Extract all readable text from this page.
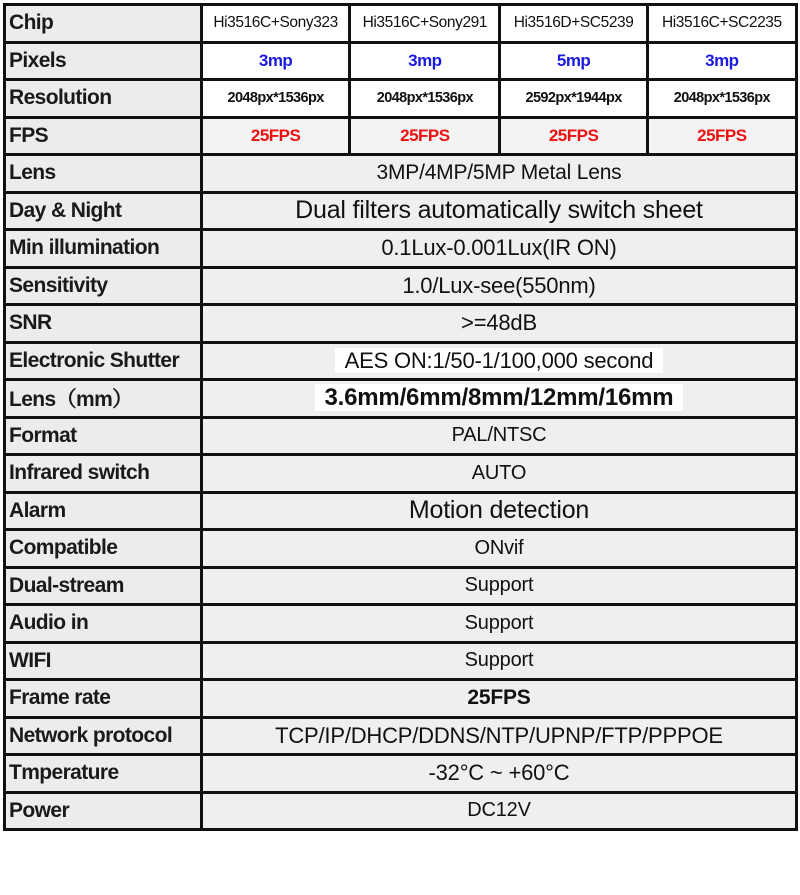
Chip	Hi3516C+Sony323	Hi3516C+Sony291	Hi3516D+SC5239	Hi3516C+SC2235
Pixels	3mp	3mp	5mp	3mp
Resolution	2048px*1536px	2048px*1536px	2592px*1944px	2048px*1536px
FPS	25FPS	25FPS	25FPS	25FPS
Lens	3MP/4MP/5MP Metal Lens			
Day & Night	Dual filters automatically switch sheet			
Min illumination	0.1Lux-0.001Lux(IR ON)			
Sensitivity	1.0/Lux-see(550nm)			
SNR	>=48dB			
Electronic Shutter	AES ON:1/50-1/100,000 second			
Lens（mm）	3.6mm/6mm/8mm/12mm/16mm			
Format	PAL/NTSC			
Infrared switch	AUTO			
Alarm	Motion detection			
Compatible	ONvif			
Dual-stream	Support			
Audio in	Support			
WIFI	Support			
Frame rate	25FPS			
Network protocol	TCP/IP/DHCP/DDNS/NTP/UPNP/FTP/PPPOE			
Tmperature	-32°C ~ +60°C			
Power	DC12V			
